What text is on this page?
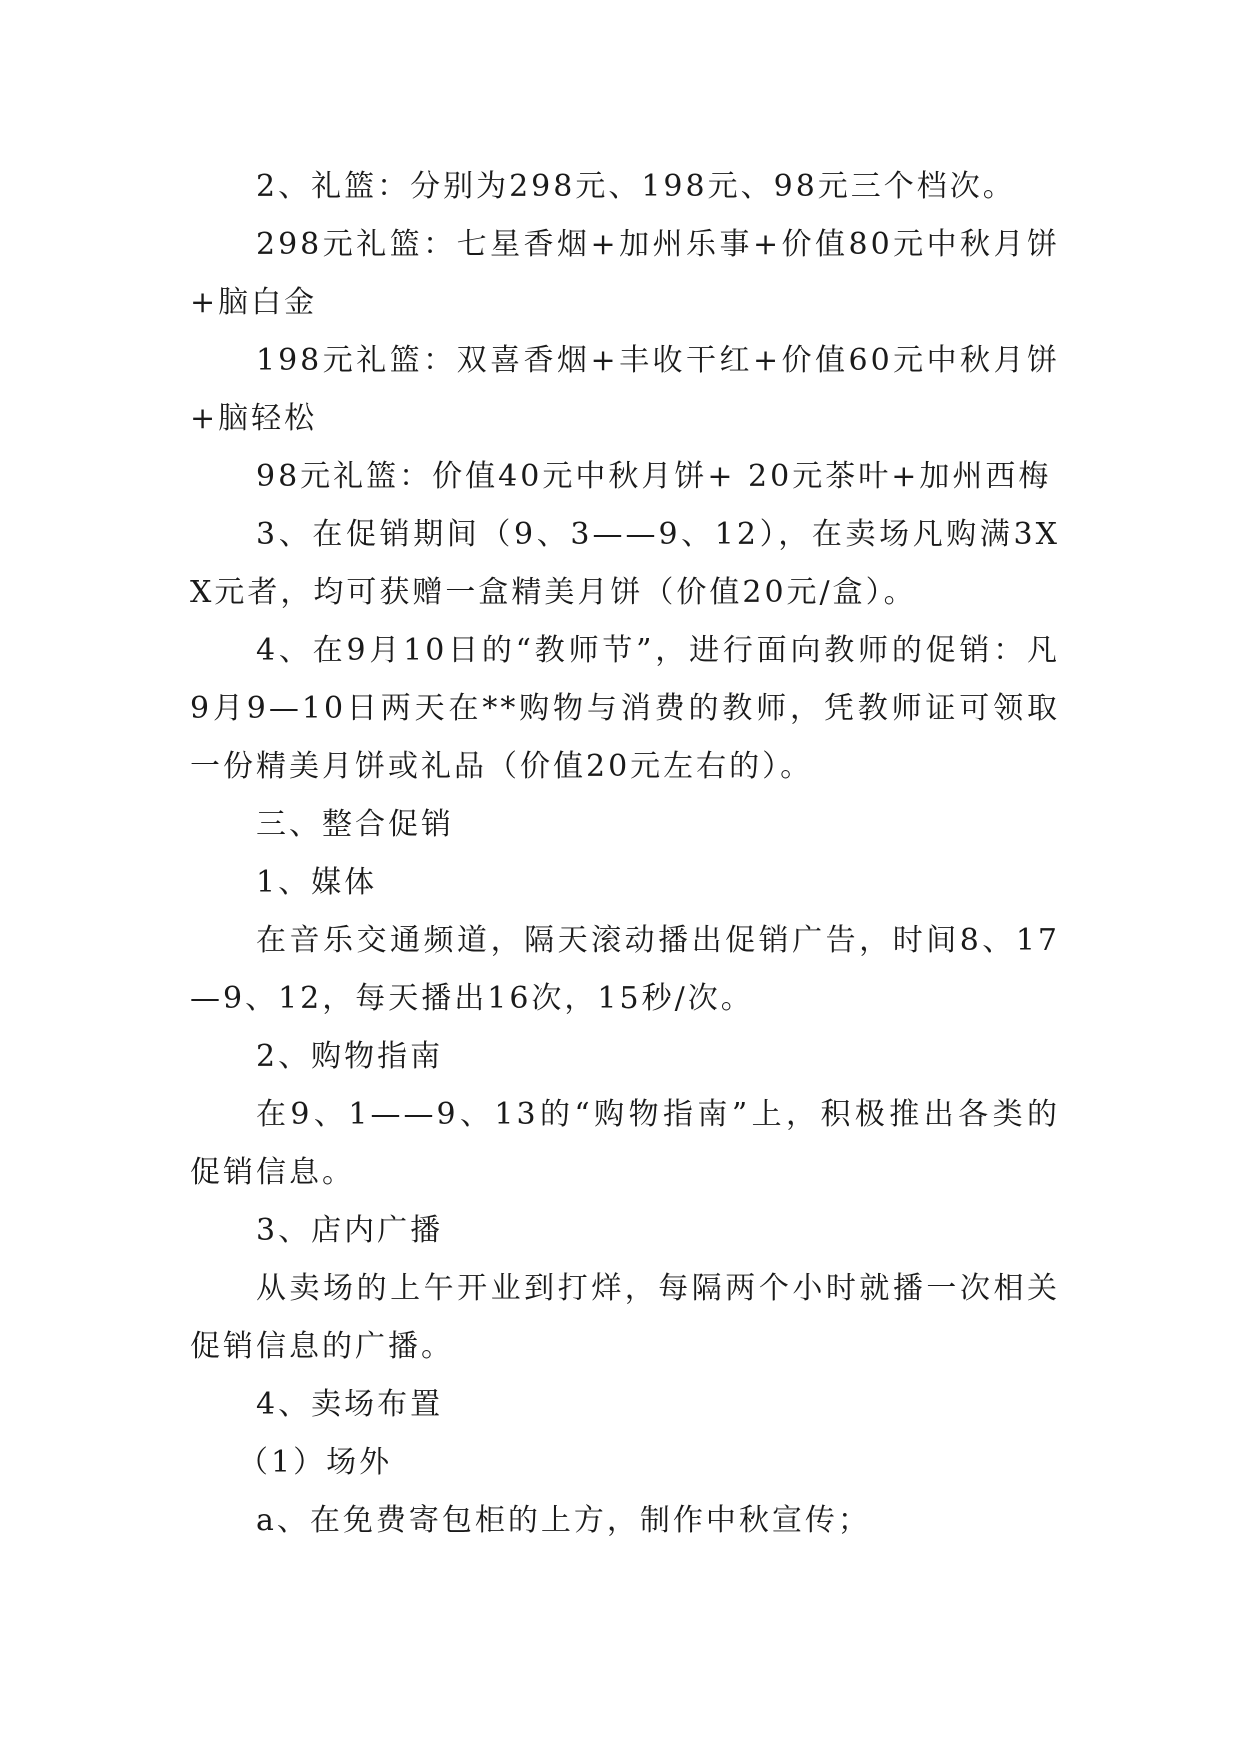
2、礼篮：分别为298元、198元、98元三个档次。

298元礼篮：七星香烟+加州乐事+价值80元中秋月饼+脑白金

198元礼篮：双喜香烟+丰收干红+价值60元中秋月饼+脑轻松

98元礼篮：价值40元中秋月饼+ 20元茶叶+加州西梅

3、在促销期间（9、3——9、12），在卖场凡购满3XX元者，均可获赠一盒精美月饼（价值20元/盒）。

4、在9月10日的“教师节”，进行面向教师的促销：凡9月9—10日两天在**购物与消费的教师，凭教师证可领取一份精美月饼或礼品（价值20元左右的）。

三、整合促销

1、媒体

在音乐交通频道，隔天滚动播出促销广告，时间8、17—9、12，每天播出16次，15秒/次。

2、购物指南

在9、1——9、13的“购物指南”上，积极推出各类的促销信息。

3、店内广播

从卖场的上午开业到打烊，每隔两个小时就播一次相关促销信息的广播。

4、卖场布置

（1）场外

a、在免费寄包柜的上方，制作中秋宣传；
